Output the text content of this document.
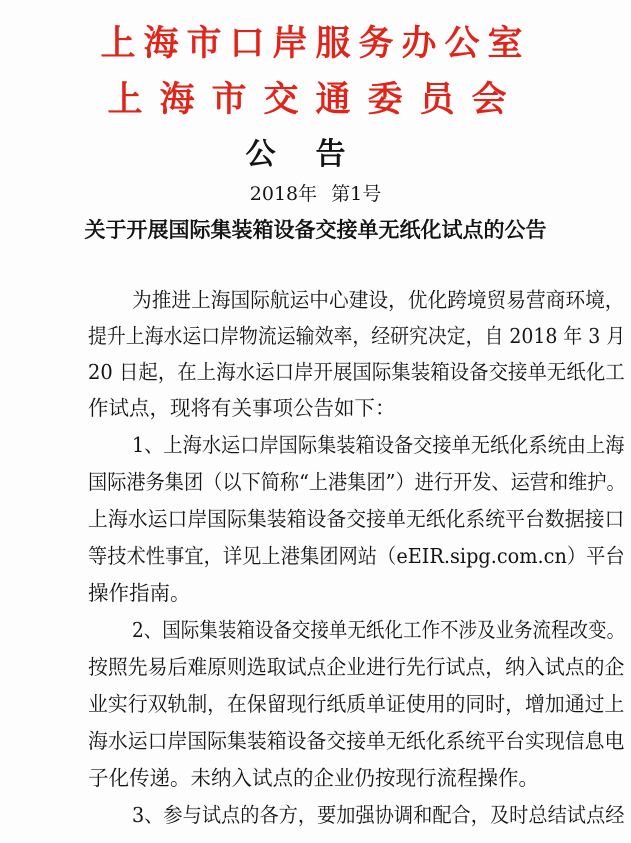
上海市口岸服务办公室
上海市交通委员会
公告
2018年 第1号
关于开展国际集装箱设备交接单无纸化试点的公告
为推进上海国际航运中心建设，优化跨境贸易营商环境，
提升上海水运口岸物流运输效率，经研究决定，自 2018 年 3 月
20 日起，在上海水运口岸开展国际集装箱设备交接单无纸化工
作试点，现将有关事项公告如下：
1、上海水运口岸国际集装箱设备交接单无纸化系统由上海
国际港务集团（以下简称“上港集团”）进行开发、运营和维护。
上海水运口岸国际集装箱设备交接单无纸化系统平台数据接口
等技术性事宜，详见上港集团网站（eEIR.sipg.com.cn）平台
操作指南。
2、国际集装箱设备交接单无纸化工作不涉及业务流程改变。
按照先易后难原则选取试点企业进行先行试点，纳入试点的企
业实行双轨制，在保留现行纸质单证使用的同时，增加通过上
海水运口岸国际集装箱设备交接单无纸化系统平台实现信息电
子化传递。未纳入试点的企业仍按现行流程操作。
3、参与试点的各方，要加强协调和配合，及时总结试点经
